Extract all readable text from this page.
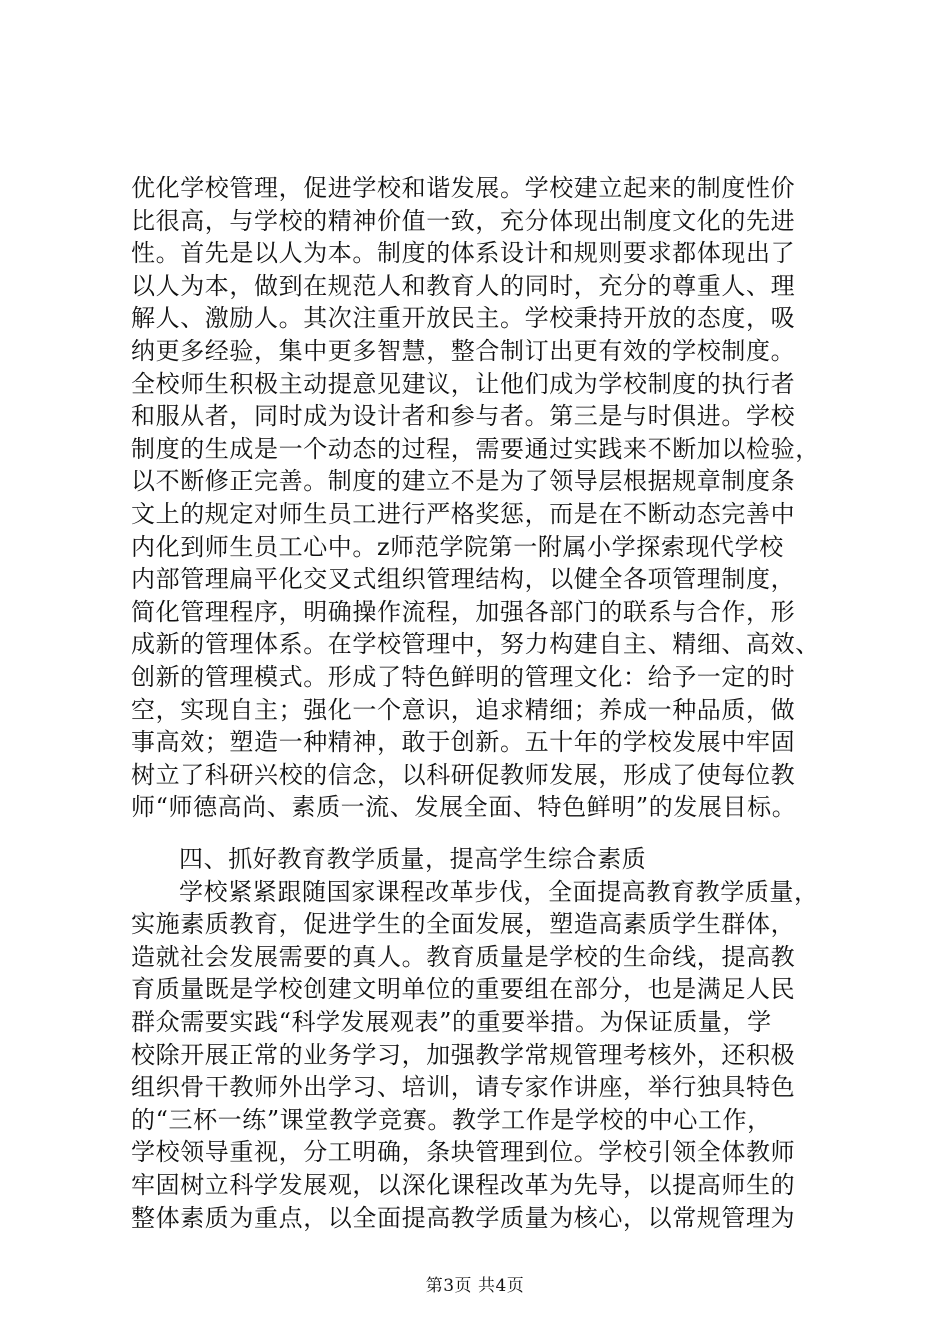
优化学校管理，促进学校和谐发展。学校建立起来的制度性价
比很高，与学校的精神价值一致，充分体现出制度文化的先进
性。首先是以人为本。制度的体系设计和规则要求都体现出了
以人为本，做到在规范人和教育人的同时，充分的尊重人、理
解人、激励人。其次注重开放民主。学校秉持开放的态度，吸
纳更多经验，集中更多智慧，整合制订出更有效的学校制度。
全校师生积极主动提意见建议，让他们成为学校制度的执行者
和服从者，同时成为设计者和参与者。第三是与时俱进。学校
制度的生成是一个动态的过程，需要通过实践来不断加以检验，
以不断修正完善。制度的建立不是为了领导层根据规章制度条
文上的规定对师生员工进行严格奖惩，而是在不断动态完善中
内化到师生员工心中。z师范学院第一附属小学探索现代学校
内部管理扁平化交叉式组织管理结构，以健全各项管理制度，
简化管理程序，明确操作流程，加强各部门的联系与合作，形
成新的管理体系。在学校管理中，努力构建自主、精细、高效、
创新的管理模式。形成了特色鲜明的管理文化：给予一定的时
空，实现自主；强化一个意识，追求精细；养成一种品质，做
事高效；塑造一种精神，敢于创新。五十年的学校发展中牢固
树立了科研兴校的信念，以科研促教师发展，形成了使每位教
师“师德高尚、素质一流、发展全面、特色鲜明”的发展目标。
四、抓好教育教学质量，提高学生综合素质
学校紧紧跟随国家课程改革步伐，全面提高教育教学质量，
实施素质教育，促进学生的全面发展，塑造高素质学生群体，
造就社会发展需要的真人。教育质量是学校的生命线，提高教
育质量既是学校创建文明单位的重要组在部分，也是满足人民
群众需要实践“科学发展观表”的重要举措。为保证质量，学
校除开展正常的业务学习，加强教学常规管理考核外，还积极
组织骨干教师外出学习、培训，请专家作讲座，举行独具特色
的“三杯一练”课堂教学竞赛。教学工作是学校的中心工作，
学校领导重视，分工明确，条块管理到位。学校引领全体教师
牢固树立科学发展观，以深化课程改革为先导，以提高师生的
整体素质为重点，以全面提高教学质量为核心，以常规管理为
第3页 共4页
